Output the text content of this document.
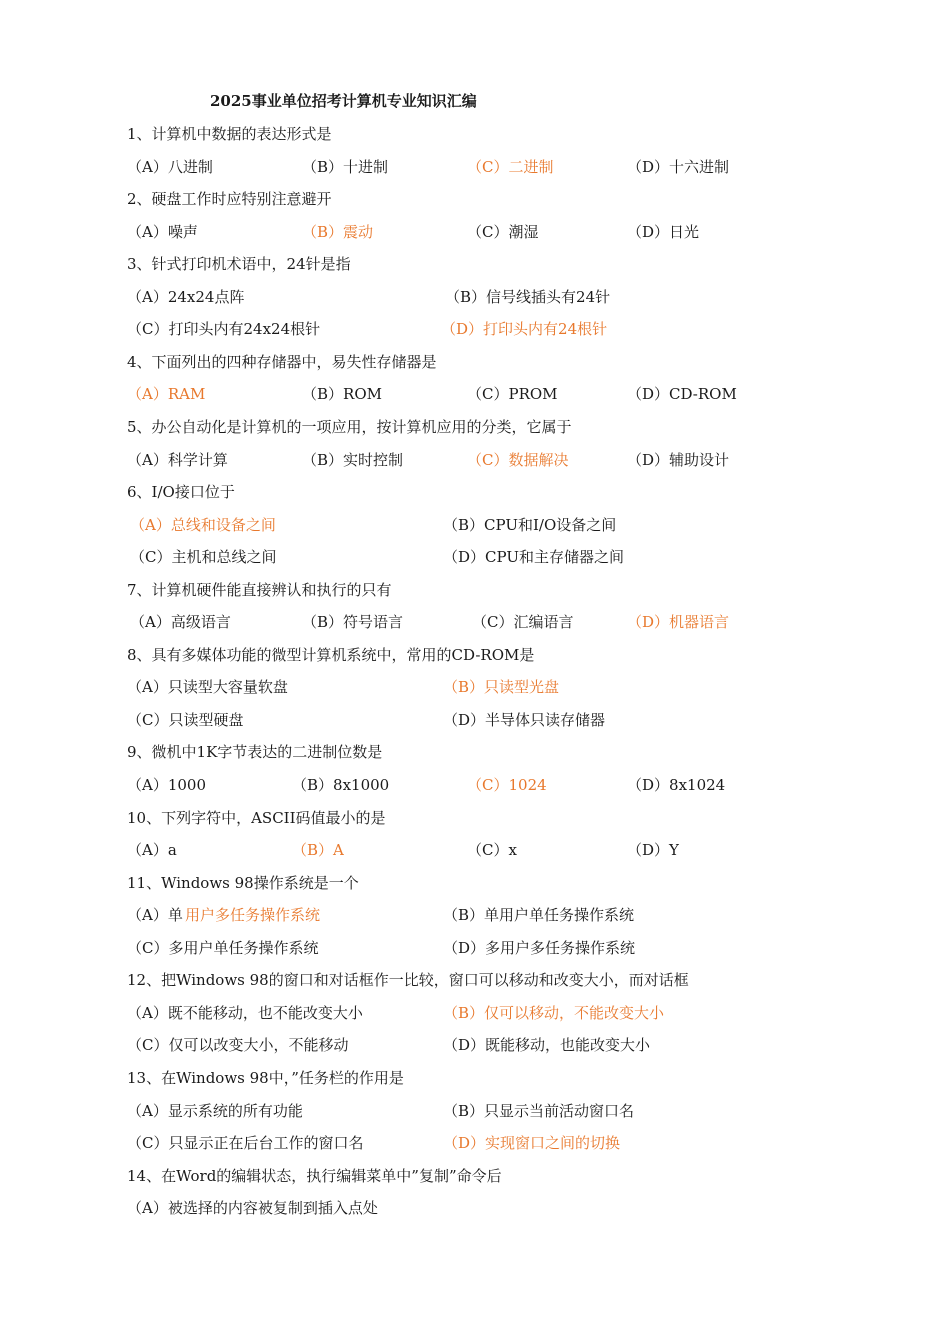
2025事业单位招考计算机专业知识汇编
1、计算机中数据的表达形式是
（A）八进制	（B）十进制	（C）二进制	（D）十六进制
2、硬盘工作时应特别注意避开
（A）噪声	（B）震动	（C）潮湿	（D）日光
3、针式打印机术语中，24针是指
（A）24x24点阵	（B）信号线插头有24针
（C）打印头内有24x24根针	（D）打印头内有24根针
4、下面列出的四种存储器中，易失性存储器是
（A）RAM	（B）ROM	（C）PROM	（D）CD-ROM
5、办公自动化是计算机的一项应用，按计算机应用的分类，它属于
（A）科学计算	（B）实时控制	（C）数据解决	（D）辅助设计
6、I/O接口位于
（A）总线和设备之间	（B）CPU和I/O设备之间
（C）主机和总线之间	（D）CPU和主存储器之间
7、计算机硬件能直接辨认和执行的只有
（A）高级语言	（B）符号语言	（C）汇编语言	（D）机器语言
8、具有多媒体功能的微型计算机系统中，常用的CD-ROM是
（A）只读型大容量软盘	（B）只读型光盘
（C）只读型硬盘	（D）半导体只读存储器
9、微机中1K字节表达的二进制位数是
（A）1000	（B）8x1000	（C）1024	（D）8x1024
10、下列字符中，ASCII码值最小的是
（A）a	（B）A	（C）x	（D）Y
11、Windows 98操作系统是一个
（A）单 用户多任务操作系统	（B）单用户单任务操作系统
（C）多用户单任务操作系统	（D）多用户多任务操作系统
12、把Windows 98的窗口和对话框作一比较，窗口可以移动和改变大小，而对话框
（A）既不能移动，也不能改变大小	（B）仅可以移动，不能改变大小
（C）仅可以改变大小，不能移动	（D）既能移动，也能改变大小
13、在Windows 98中，”任务栏的作用是
（A）显示系统的所有功能	（B）只显示当前活动窗口名
（C）只显示正在后台工作的窗口名	（D）实现窗口之间的切换
14、在Word的编辑状态，执行编辑菜单中”复制”命令后
（A）被选择的内容被复制到插入点处
